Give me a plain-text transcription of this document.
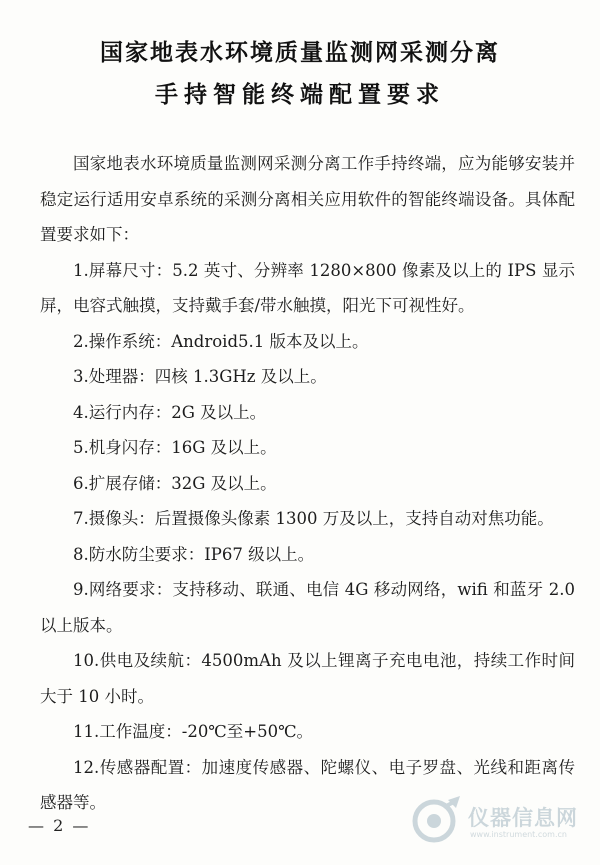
国家地表水环境质量监测网采测分离
手持智能终端配置要求

国家地表水环境质量监测网采测分离工作手持终端，应为能够安装并稳定运行适用安卓系统的采测分离相关应用软件的智能终端设备。具体配置要求如下：

1.屏幕尺寸：5.2 英寸、分辨率 1280×800 像素及以上的 IPS 显示屏，电容式触摸，支持戴手套/带水触摸，阳光下可视性好。

2.操作系统：Android5.1 版本及以上。

3.处理器：四核 1.3GHz 及以上。

4.运行内存：2G 及以上。

5.机身闪存：16G 及以上。

6.扩展存储：32G 及以上。

7.摄像头：后置摄像头像素 1300 万及以上，支持自动对焦功能。

8.防水防尘要求：IP67 级以上。

9.网络要求：支持移动、联通、电信 4G 移动网络，wifi 和蓝牙 2.0 以上版本。

10.供电及续航：4500mAh 及以上锂离子充电电池，持续工作时间大于 10 小时。

11.工作温度：-20℃至+50℃。

12.传感器配置：加速度传感器、陀螺仪、电子罗盘、光线和距离传感器等。

— 2 —	仪器信息网
www.instrument.com.cn
